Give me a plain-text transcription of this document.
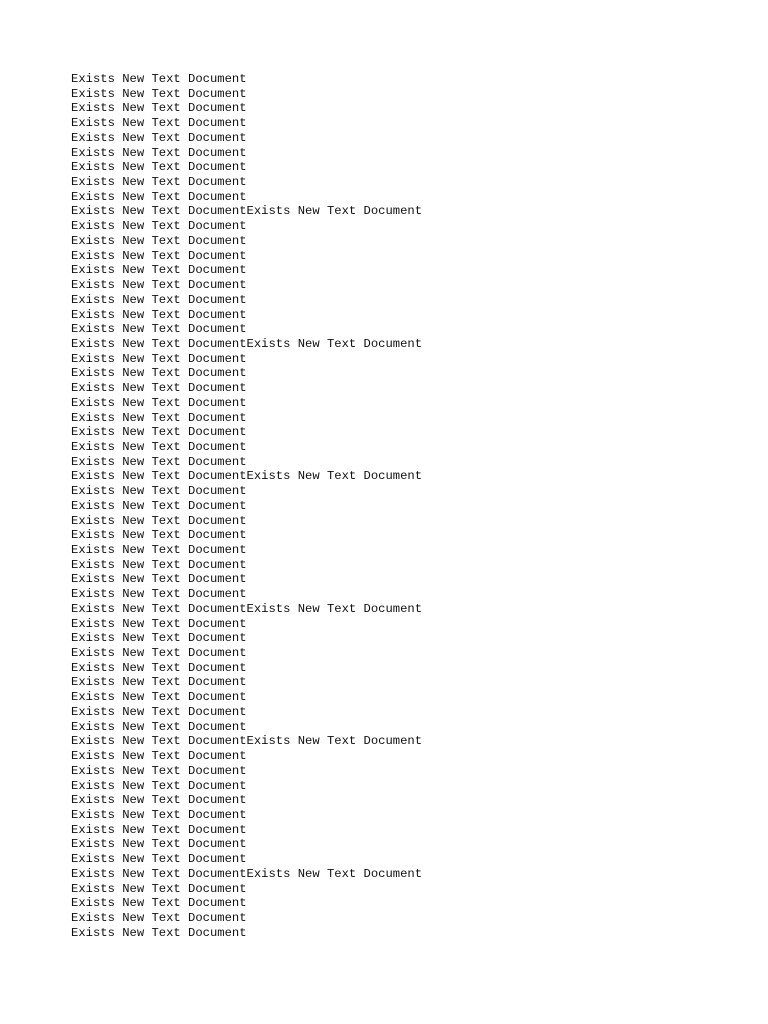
Exists New Text Document
Exists New Text Document
Exists New Text Document
Exists New Text Document
Exists New Text Document
Exists New Text Document
Exists New Text Document
Exists New Text Document
Exists New Text Document
Exists New Text DocumentExists New Text Document
Exists New Text Document
Exists New Text Document
Exists New Text Document
Exists New Text Document
Exists New Text Document
Exists New Text Document
Exists New Text Document
Exists New Text Document
Exists New Text DocumentExists New Text Document
Exists New Text Document
Exists New Text Document
Exists New Text Document
Exists New Text Document
Exists New Text Document
Exists New Text Document
Exists New Text Document
Exists New Text Document
Exists New Text DocumentExists New Text Document
Exists New Text Document
Exists New Text Document
Exists New Text Document
Exists New Text Document
Exists New Text Document
Exists New Text Document
Exists New Text Document
Exists New Text Document
Exists New Text DocumentExists New Text Document
Exists New Text Document
Exists New Text Document
Exists New Text Document
Exists New Text Document
Exists New Text Document
Exists New Text Document
Exists New Text Document
Exists New Text Document
Exists New Text DocumentExists New Text Document
Exists New Text Document
Exists New Text Document
Exists New Text Document
Exists New Text Document
Exists New Text Document
Exists New Text Document
Exists New Text Document
Exists New Text Document
Exists New Text DocumentExists New Text Document
Exists New Text Document
Exists New Text Document
Exists New Text Document
Exists New Text Document
